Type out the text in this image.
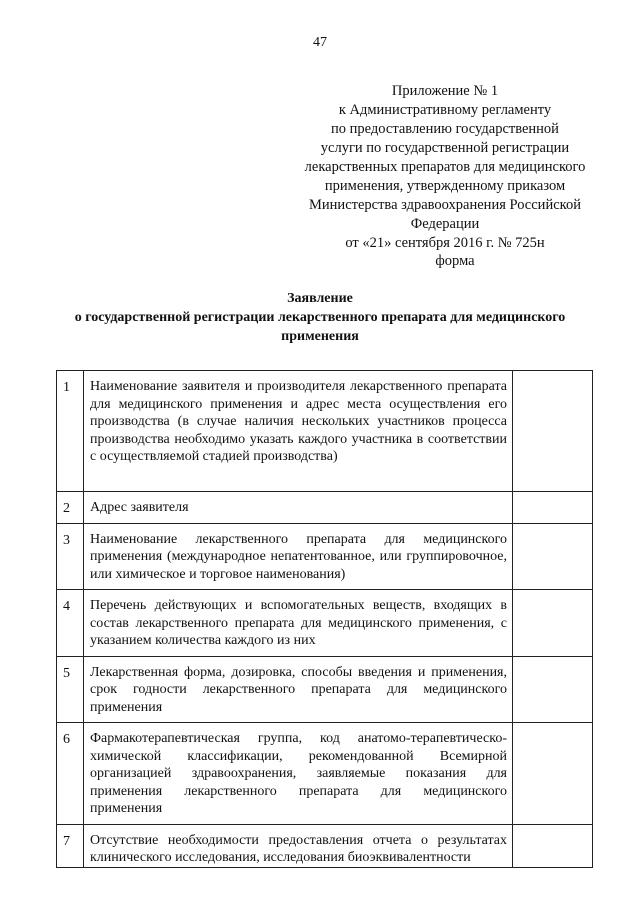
47
Приложение № 1
к Административному регламенту
по предоставлению государственной
услуги по государственной регистрации
лекарственных препаратов для медицинского
применения, утвержденному приказом
Министерства здравоохранения Российской
Федерации
от «21» сентября 2016 г. № 725н
форма
Заявление
о государственной регистрации лекарственного препарата для медицинского
применения
1	Наименование заявителя и производителя лекарственного препарата для медицинского применения и адрес места осуществления его производства (в случае наличия нескольких участников процесса производства необходимо указать каждого участника в соответствии с осуществляемой стадией производства)	
2	Адрес заявителя	
3	Наименование лекарственного препарата для медицинского применения (международное непатентованное, или группировочное, или химическое и торговое наименования)	
4	Перечень действующих и вспомогательных веществ, входящих в состав лекарственного препарата для медицинского применения, с указанием количества каждого из них	
5	Лекарственная форма, дозировка, способы введения и применения, срок годности лекарственного препарата для медицинского применения	
6	Фармакотерапевтическая группа, код анатомо-терапевтическо-химической классификации, рекомендованной Всемирной организацией здравоохранения, заявляемые показания для применения лекарственного препарата для медицинского применения	
7	Отсутствие необходимости предоставления отчета о результатах клинического исследования, исследования биоэквивалентности	
